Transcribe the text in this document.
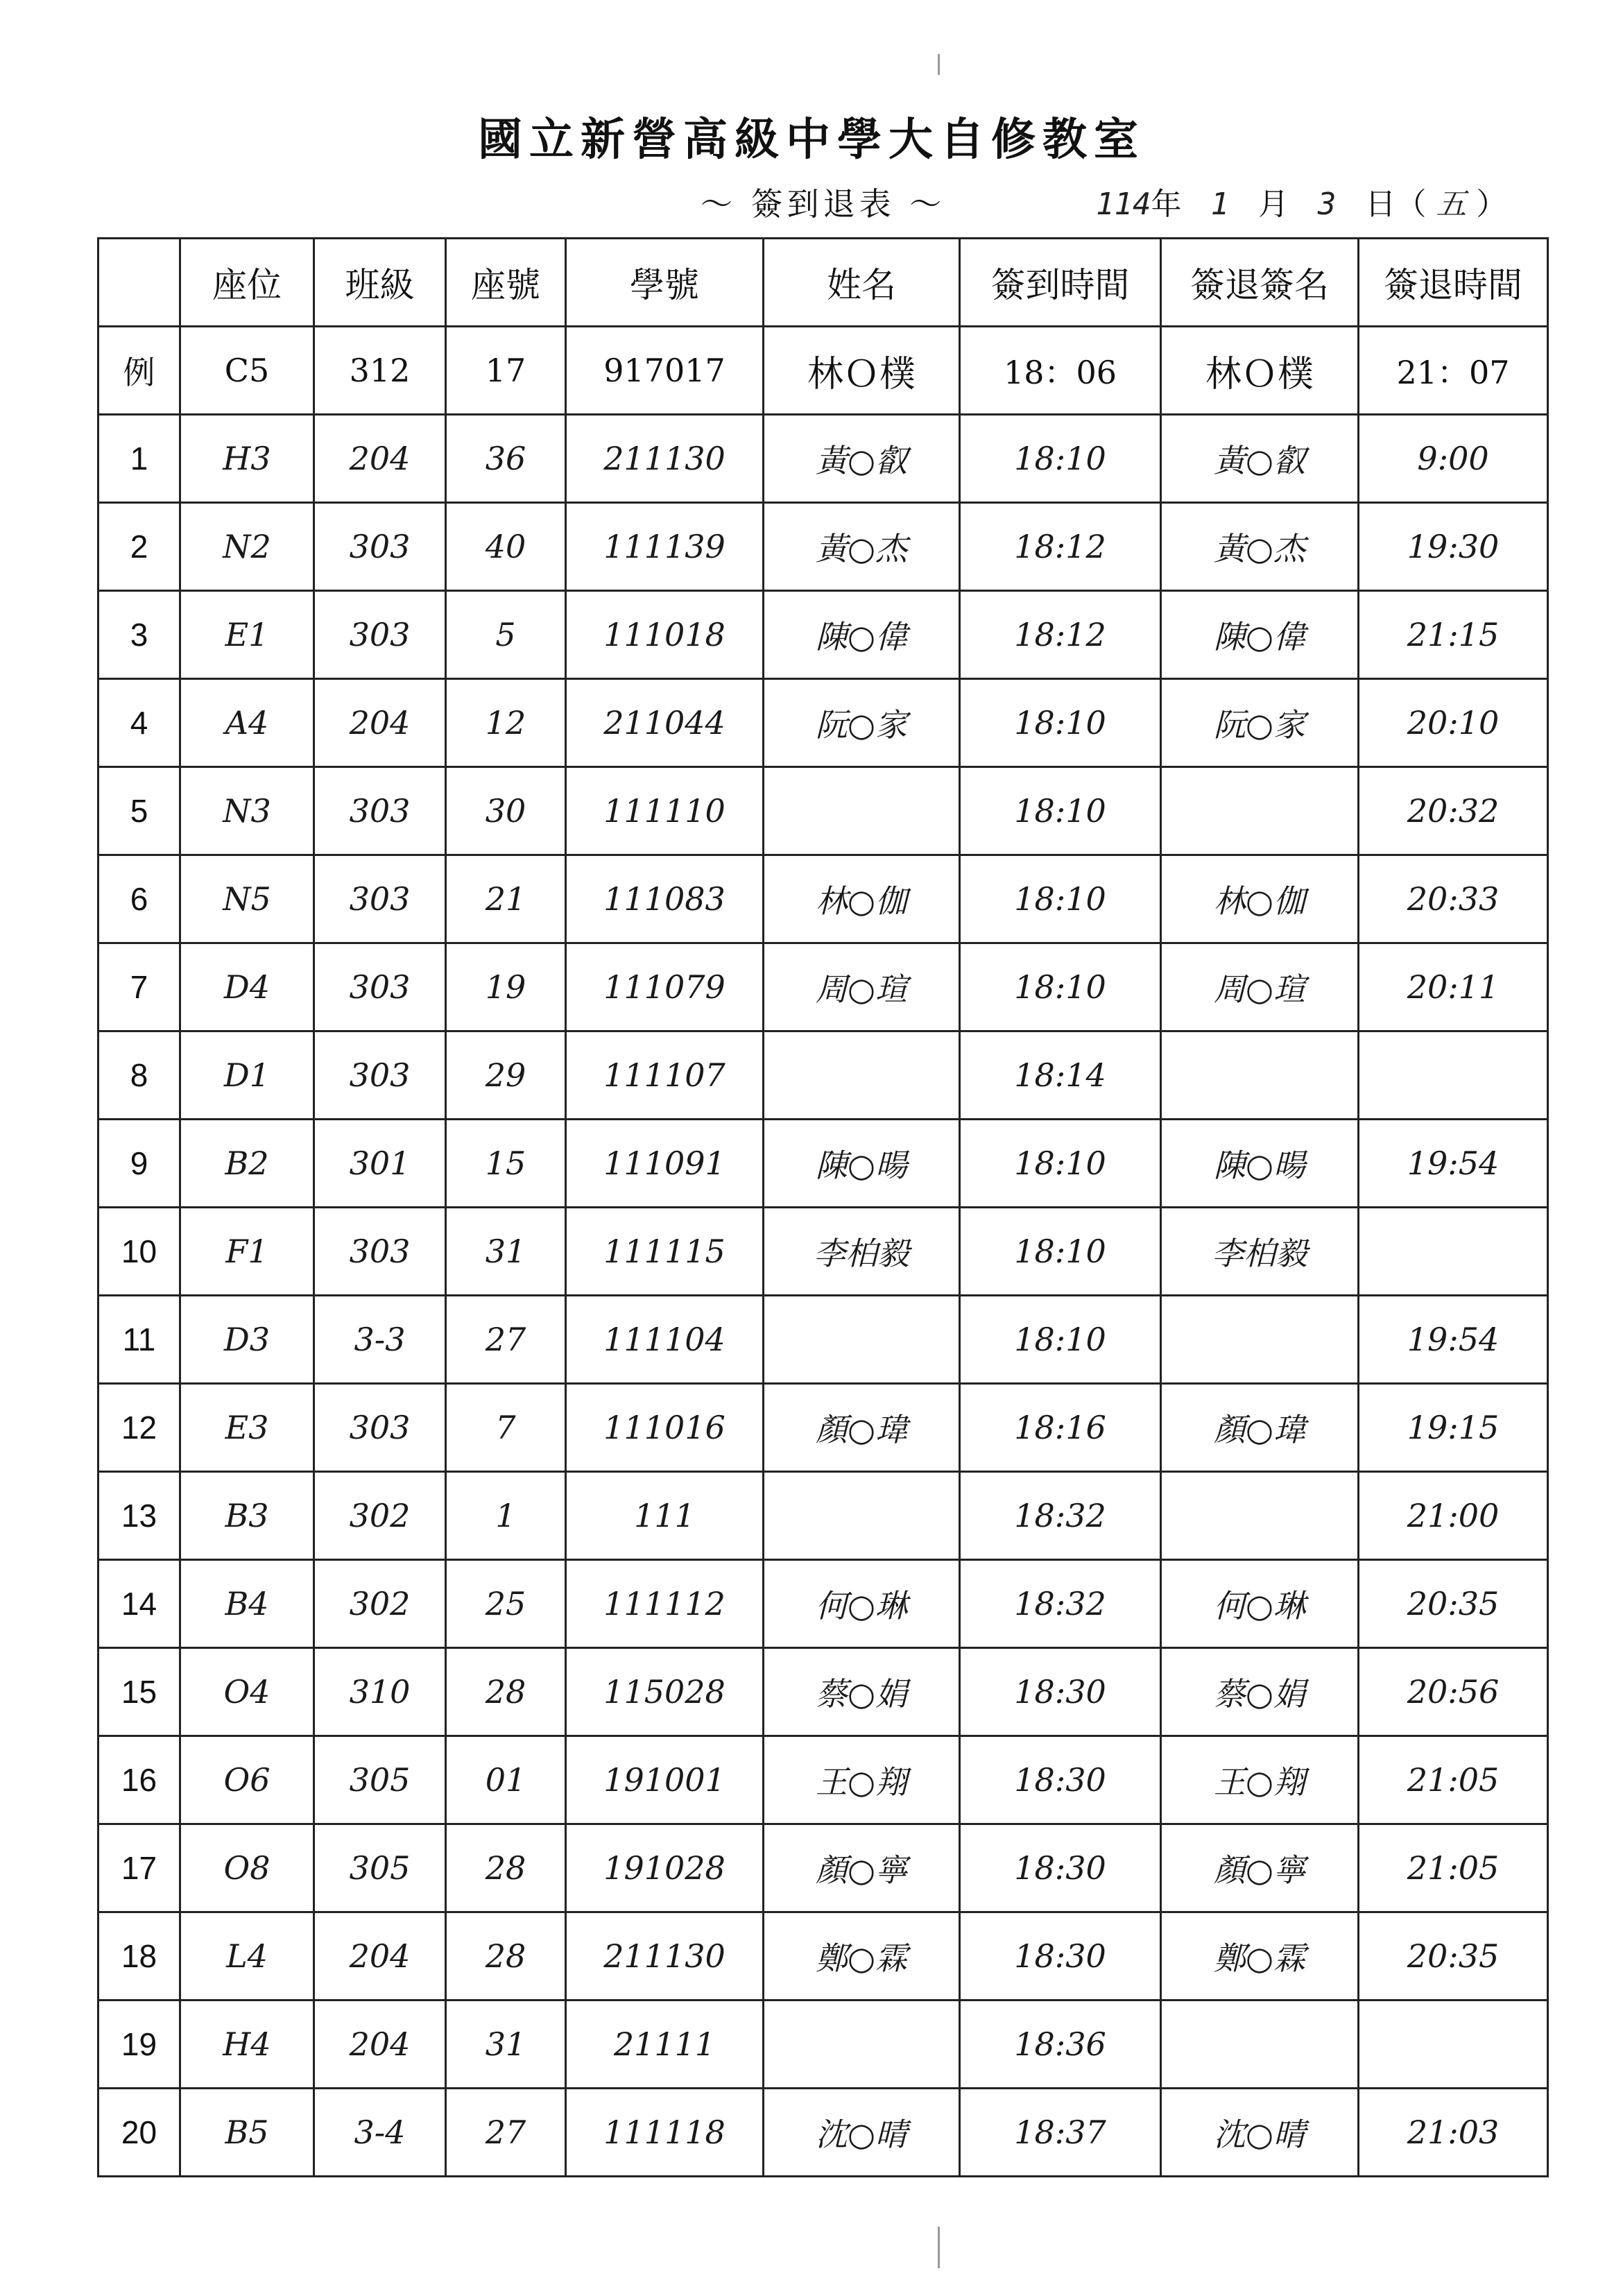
國立新營高級中學大自修教室
～ 簽到退表 ～	114年 1 月 3 日（ 五 ）
	座位	班級	座號	學號	姓名	簽到時間	簽退簽名	簽退時間
例	C5	312	17	917017	林Ｏ樸	18：06	林Ｏ樸	21：07
1	H3	204	36	211130	黃○叡	18:10	黃○叡	9:00
2	N2	303	40	111139	黃○杰	18:12	黃○杰	19:30
3	E1	303	5	111018	陳○偉	18:12	陳○偉	21:15
4	A4	204	12	211044	阮○家	18:10	阮○家	20:10
5	N3	303	30	111110		18:10		20:32
6	N5	303	21	111083	林○伽	18:10	林○伽	20:33
7	D4	303	19	111079	周○瑄	18:10	周○瑄	20:11
8	D1	303	29	111107		18:14		
9	B2	301	15	111091	陳○暘	18:10	陳○暘	19:54
10	F1	303	31	111115	李柏毅	18:10	李柏毅	
11	D3	3-3	27	111104		18:10		19:54
12	E3	303	7	111016	顏○瑋	18:16	顏○瑋	19:15
13	B3	302	1	111		18:32		21:00
14	B4	302	25	111112	何○琳	18:32	何○琳	20:35
15	O4	310	28	115028	蔡○娟	18:30	蔡○娟	20:56
16	O6	305	01	191001	王○翔	18:30	王○翔	21:05
17	O8	305	28	191028	顏○寧	18:30	顏○寧	21:05
18	L4	204	28	211130	鄭○霖	18:30	鄭○霖	20:35
19	H4	204	31	21111		18:36		
20	B5	3-4	27	111118	沈○晴	18:37	沈○晴	21:03
